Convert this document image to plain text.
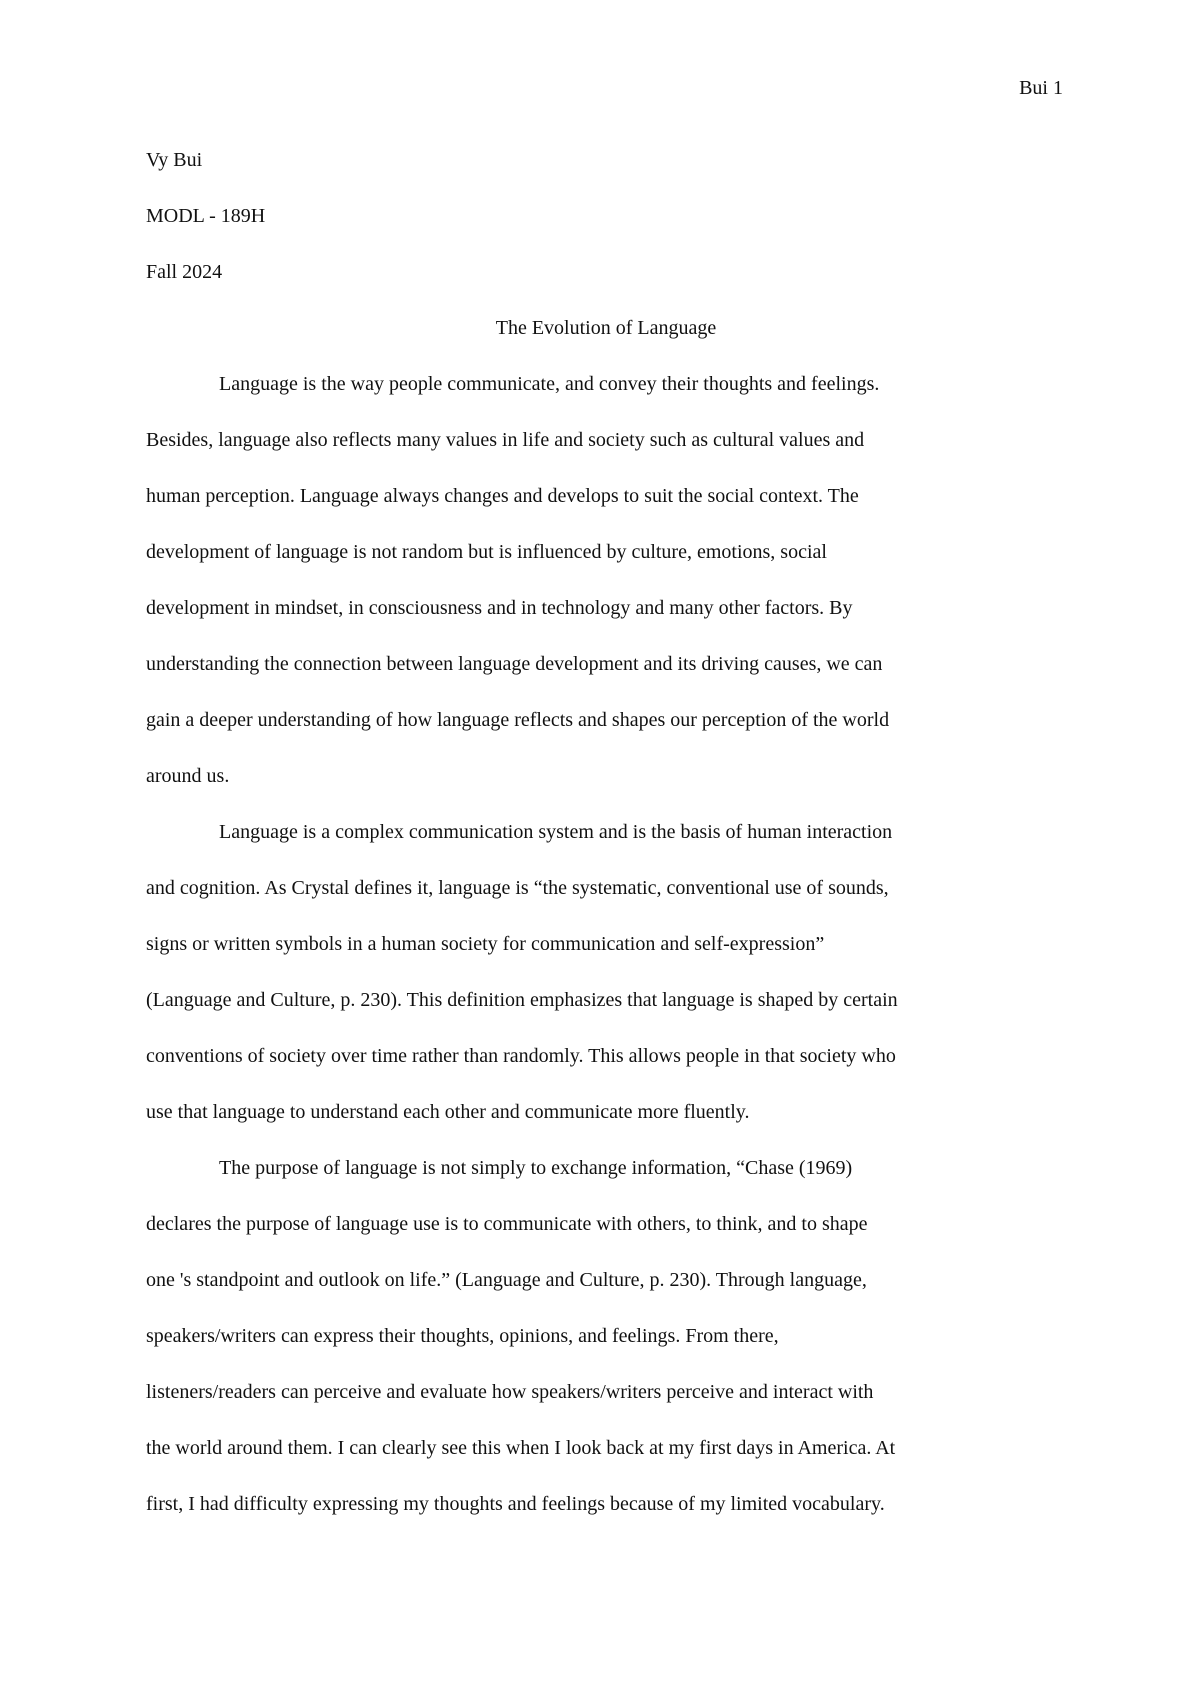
Bui 1
Vy Bui
MODL - 189H
Fall 2024
The Evolution of Language
Language is the way people communicate, and convey their thoughts and feelings.
Besides, language also reflects many values in life and society such as cultural values and
human perception. Language always changes and develops to suit the social context. The
development of language is not random but is influenced by culture, emotions, social
development in mindset, in consciousness and in technology and many other factors. By
understanding the connection between language development and its driving causes, we can
gain a deeper understanding of how language reflects and shapes our perception of the world
around us.
Language is a complex communication system and is the basis of human interaction
and cognition. As Crystal defines it, language is “the systematic, conventional use of sounds,
signs or written symbols in a human society for communication and self-expression”
(Language and Culture, p. 230). This definition emphasizes that language is shaped by certain
conventions of society over time rather than randomly. This allows people in that society who
use that language to understand each other and communicate more fluently.
The purpose of language is not simply to exchange information, “Chase (1969)
declares the purpose of language use is to communicate with others, to think, and to shape
one 's standpoint and outlook on life.” (Language and Culture, p. 230). Through language,
speakers/writers can express their thoughts, opinions, and feelings. From there,
listeners/readers can perceive and evaluate how speakers/writers perceive and interact with
the world around them. I can clearly see this when I look back at my first days in America. At
first, I had difficulty expressing my thoughts and feelings because of my limited vocabulary.
